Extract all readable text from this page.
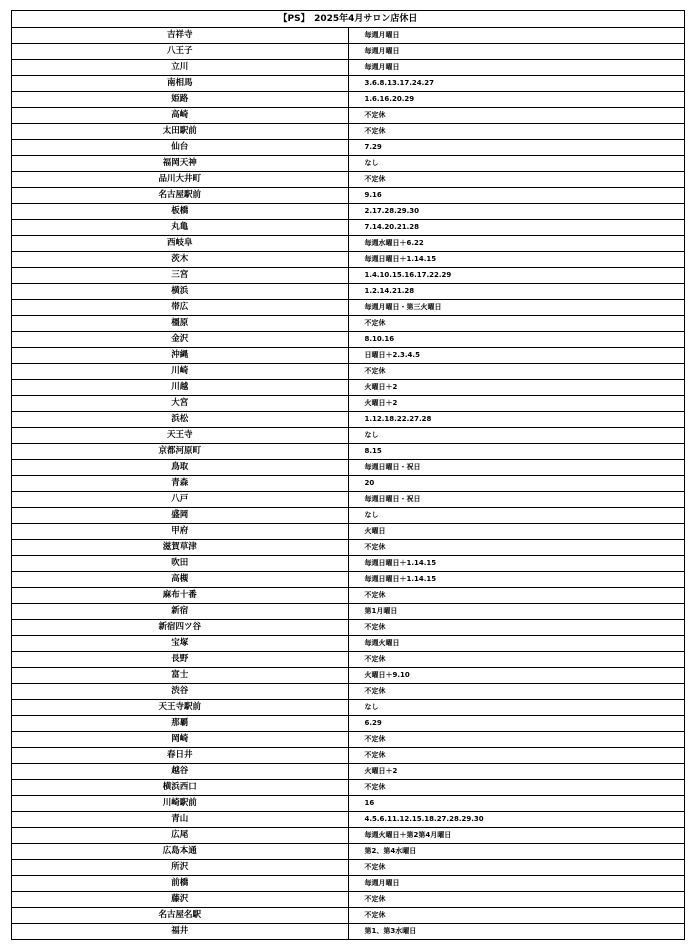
【PS】　2025年4月サロン店休日	
吉祥寺	毎週月曜日
八王子	毎週月曜日
立川	毎週月曜日
南相馬	3.6.8.13.17.24.27
姫路	1.6.16.20.29
高崎	不定休
太田駅前	不定休
仙台	7.29
福岡天神	なし
品川大井町	不定休
名古屋駅前	9.16
板橋	2.17.28.29.30
丸亀	7.14.20.21.28
西岐阜	毎週水曜日＋6.22
茨木	毎週日曜日＋1.14.15
三宮	1.4.10.15.16.17.22.29
横浜	1.2.14.21.28
帯広	毎週月曜日・第三火曜日
橿原	不定休
金沢	8.10.16
沖縄	日曜日＋2.3.4.5
川崎	不定休
川越	火曜日＋2
大宮	火曜日＋2
浜松	1.12.18.22.27.28
天王寺	なし
京都河原町	8.15
鳥取	毎週日曜日・祝日
青森	20
八戸	毎週日曜日・祝日
盛岡	なし
甲府	火曜日
滋賀草津	不定休
吹田	毎週日曜日＋1.14.15
高槻	毎週日曜日＋1.14.15
麻布十番	不定休
新宿	第1月曜日
新宿四ツ谷	不定休
宝塚	毎週火曜日
長野	不定休
富士	火曜日＋9.10
渋谷	不定休
天王寺駅前	なし
那覇	6.29
岡崎	不定休
春日井	不定休
越谷	火曜日＋2
横浜西口	不定休
川崎駅前	16
青山	4.5.6.11.12.15.18.27.28.29.30
広尾	毎週火曜日＋第2第4月曜日
広島本通	第2、第4水曜日
所沢	不定休
前橋	毎週月曜日
藤沢	不定休
名古屋名駅	不定休
福井	第1、第3水曜日
